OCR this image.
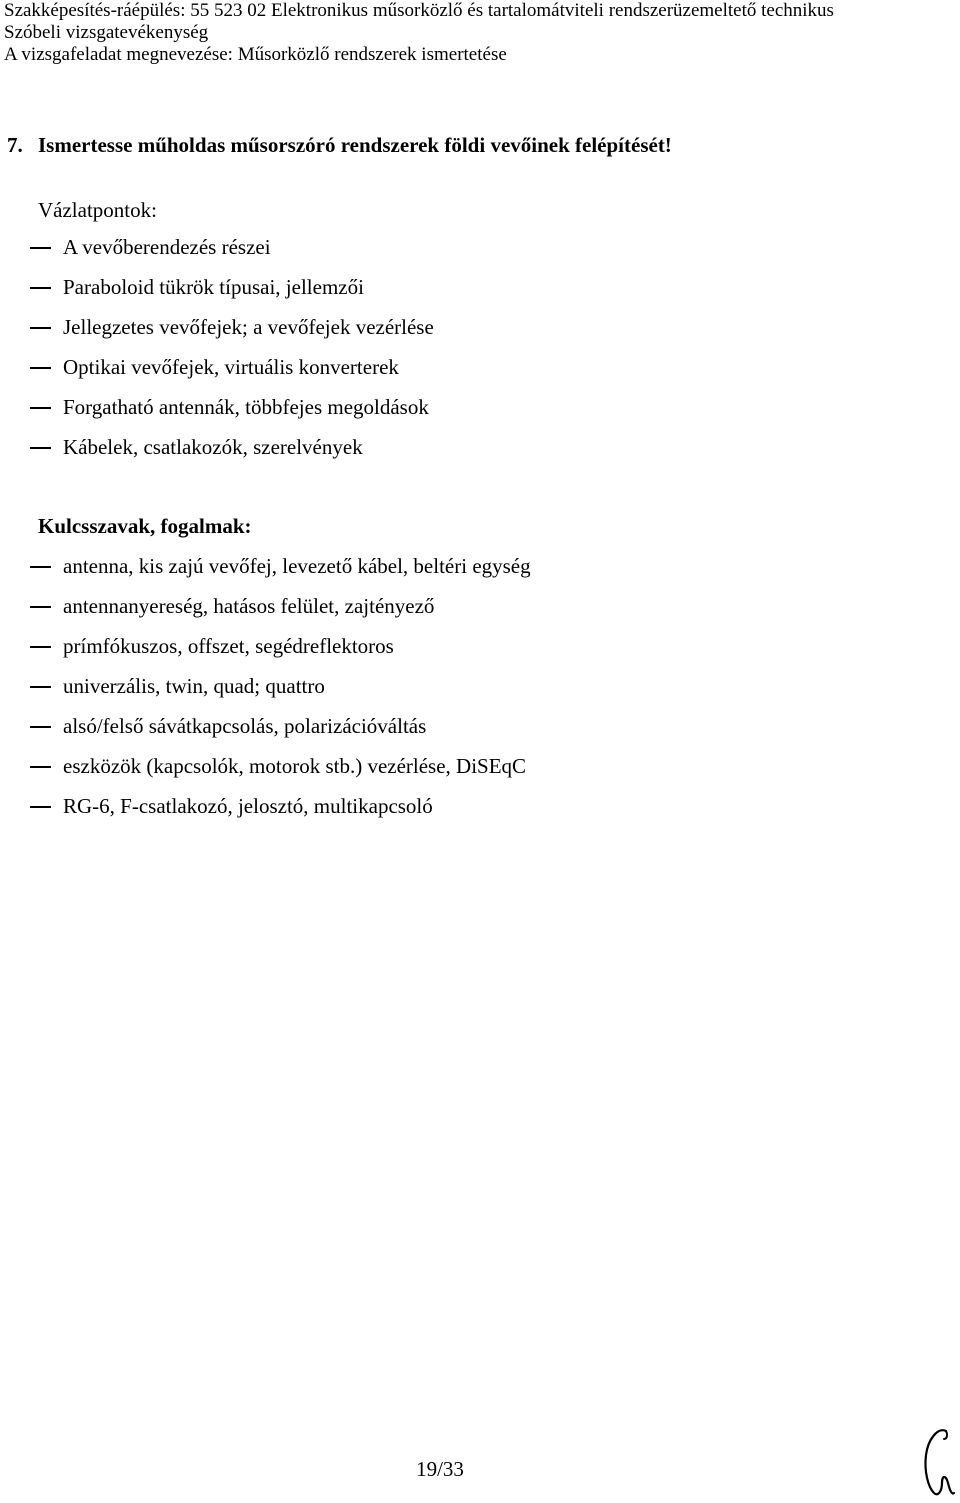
Szakképesítés-ráépülés: 55 523 02 Elektronikus műsorközlő és tartalomátviteli rendszerüzemeltető technikus
Szóbeli vizsgatevékenység
A vizsgafeladat megnevezése: Műsorközlő rendszerek ismertetése
7. Ismertesse műholdas műsorszóró rendszerek földi vevőinek felépítését!
Vázlatpontok:
A vevőberendezés részei
Paraboloid tükrök típusai, jellemzői
Jellegzetes vevőfejek; a vevőfejek vezérlése
Optikai vevőfejek, virtuális konverterek
Forgatható antennák, többfejes megoldások
Kábelek, csatlakozók, szerelvények
Kulcsszavak, fogalmak:
antenna, kis zajú vevőfej, levezető kábel, beltéri egység
antennanyereség, hatásos felület, zajtényező
prímfókuszos, offszet, segédreflektoros
univerzális, twin, quad; quattro
alsó/felső sávátkapcsolás, polarizációváltás
eszközök (kapcsolók, motorok stb.) vezérlése, DiSEqC
RG-6, F-csatlakozó, jelosztó, multikapcsoló
19/33
